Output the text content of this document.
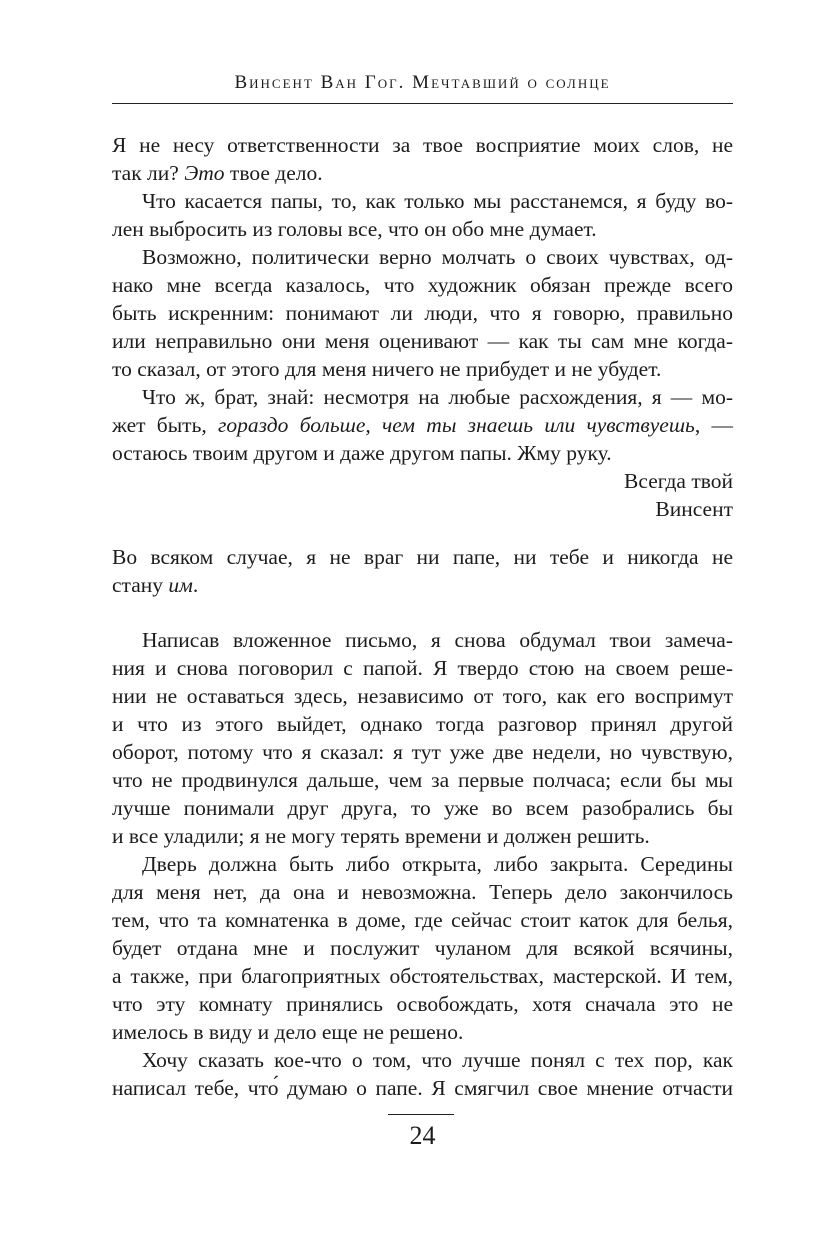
Винсент Ван Гог. Мечтавший о солнце
Я не несу ответственности за твое восприятие моих слов, не
так ли? Это твое дело.
Что касается папы, то, как только мы расстанемся, я буду во-
лен выбросить из головы все, что он обо мне думает.
Возможно, политически верно молчать о своих чувствах, од-
нако мне всегда казалось, что художник обязан прежде всего
быть искренним: понимают ли люди, что я говорю, правильно
или неправильно они меня оценивают — как ты сам мне когда-
то сказал, от этого для меня ничего не прибудет и не убудет.
Что ж, брат, знай: несмотря на любые расхождения, я — мо-
жет быть, гораздо больше, чем ты знаешь или чувствуешь, —
остаюсь твоим другом и даже другом папы. Жму руку.
Всегда твой
Винсент
Во всяком случае, я не враг ни папе, ни тебе и никогда не
стану им.
Написав вложенное письмо, я снова обдумал твои замеча-
ния и снова поговорил с папой. Я твердо стою на своем реше-
нии не оставаться здесь, независимо от того, как его воспримут
и что из этого выйдет, однако тогда разговор принял другой
оборот, потому что я сказал: я тут уже две недели, но чувствую,
что не продвинулся дальше, чем за первые полчаса; если бы мы
лучше понимали друг друга, то уже во всем разобрались бы
и все уладили; я не могу терять времени и должен решить.
Дверь должна быть либо открыта, либо закрыта. Середины
для меня нет, да она и невозможна. Теперь дело закончилось
тем, что та комнатенка в доме, где сейчас стоит каток для белья,
будет отдана мне и послужит чуланом для всякой всячины,
а также, при благоприятных обстоятельствах, мастерской. И тем,
что эту комнату принялись освобождать, хотя сначала это не
имелось в виду и дело еще не решено.
Хочу сказать кое-что о том, что лучше понял с тех пор, как
написал тебе, что́ думаю о папе. Я смягчил свое мнение отчасти
24
